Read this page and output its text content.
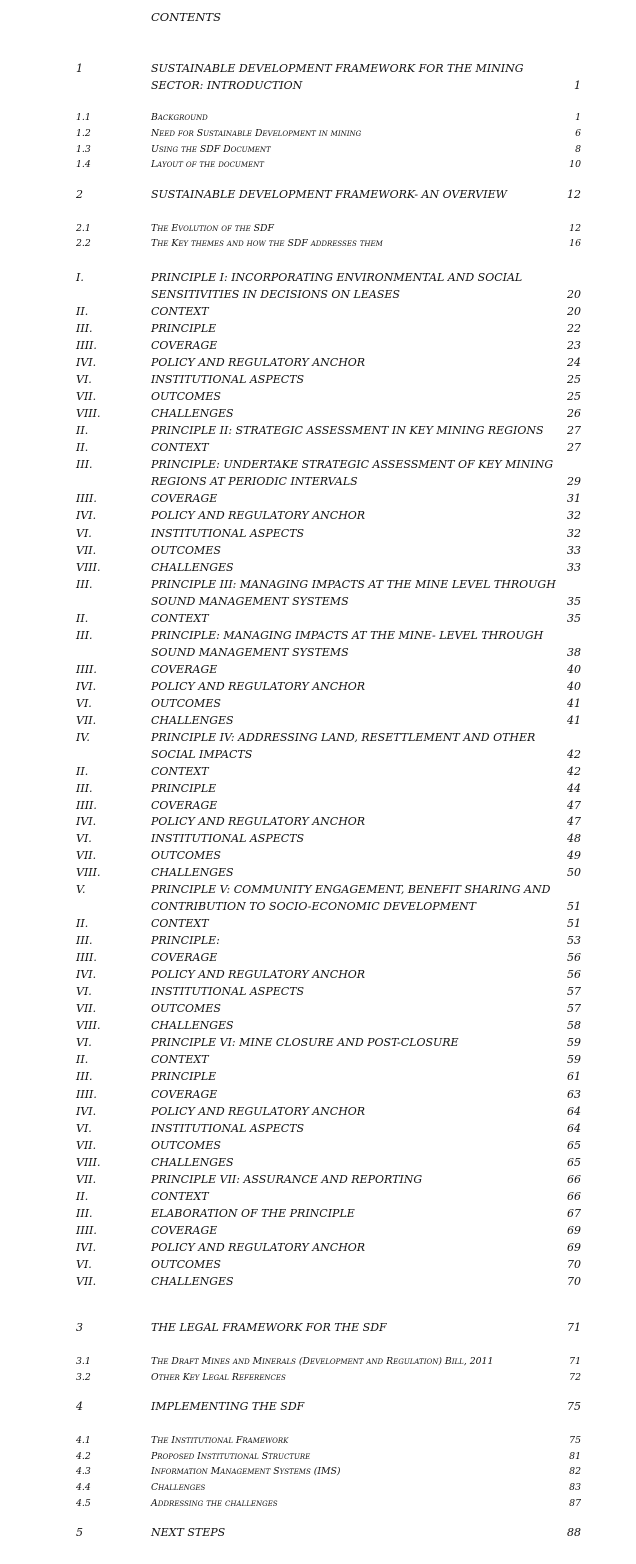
CONTENTS
1	SUSTAINABLE DEVELOPMENT FRAMEWORK FOR THE MINING
SECTOR: INTRODUCTION	1
1.1	Background	1
1.2	Need for Sustainable Development in mining	6
1.3	Using the SDF Document	8
1.4	Layout of the document	10
2	SUSTAINABLE DEVELOPMENT FRAMEWORK- AN OVERVIEW	12
2.1	The Evolution of the SDF	12
2.2	The Key themes and how the SDF addresses them	16
I.	PRINCIPLE I: INCORPORATING ENVIRONMENTAL AND SOCIAL
SENSITIVITIES IN DECISIONS ON LEASES	20
II.	CONTEXT	20
III.	PRINCIPLE	22
IIII.	COVERAGE	23
IVI.	POLICY AND REGULATORY ANCHOR	24
VI.	INSTITUTIONAL ASPECTS	25
VII.	OUTCOMES	25
VIII.	CHALLENGES	26
II.	PRINCIPLE II: STRATEGIC ASSESSMENT IN KEY MINING REGIONS	27
II.	CONTEXT	27
III.	PRINCIPLE: UNDERTAKE STRATEGIC ASSESSMENT OF KEY MINING
REGIONS AT PERIODIC INTERVALS	29
IIII.	COVERAGE	31
IVI.	POLICY AND REGULATORY ANCHOR	32
VI.	INSTITUTIONAL ASPECTS	32
VII.	OUTCOMES	33
VIII.	CHALLENGES	33
III.	PRINCIPLE III: MANAGING IMPACTS AT THE MINE LEVEL THROUGH
SOUND MANAGEMENT SYSTEMS	35
II.	CONTEXT	35
III.	PRINCIPLE: MANAGING IMPACTS AT THE MINE- LEVEL THROUGH
SOUND MANAGEMENT SYSTEMS	38
IIII.	COVERAGE	40
IVI.	POLICY AND REGULATORY ANCHOR	40
VI.	OUTCOMES	41
VII.	CHALLENGES	41
IV.	PRINCIPLE IV: ADDRESSING LAND, RESETTLEMENT AND OTHER
SOCIAL IMPACTS	42
II.	CONTEXT	42
III.	PRINCIPLE	44
IIII.	COVERAGE	47
IVI.	POLICY AND REGULATORY ANCHOR	47
VI.	INSTITUTIONAL ASPECTS	48
VII.	OUTCOMES	49
VIII.	CHALLENGES	50
V.	PRINCIPLE V: COMMUNITY ENGAGEMENT, BENEFIT SHARING AND
CONTRIBUTION TO SOCIO-ECONOMIC DEVELOPMENT	51
II.	CONTEXT	51
III.	PRINCIPLE:	53
IIII.	COVERAGE	56
IVI.	POLICY AND REGULATORY ANCHOR	56
VI.	INSTITUTIONAL ASPECTS	57
VII.	OUTCOMES	57
VIII.	CHALLENGES	58
VI.	PRINCIPLE VI: MINE CLOSURE AND POST-CLOSURE	59
II.	CONTEXT	59
III.	PRINCIPLE	61
IIII.	COVERAGE	63
IVI.	POLICY AND REGULATORY ANCHOR	64
VI.	INSTITUTIONAL ASPECTS	64
VII.	OUTCOMES	65
VIII.	CHALLENGES	65
VII.	PRINCIPLE VII: ASSURANCE AND REPORTING	66
II.	CONTEXT	66
III.	ELABORATION OF THE PRINCIPLE	67
IIII.	COVERAGE	69
IVI.	POLICY AND REGULATORY ANCHOR	69
VI.	OUTCOMES	70
VII.	CHALLENGES	70
3	THE LEGAL FRAMEWORK FOR THE SDF	71
3.1	The Draft Mines and Minerals (Development and Regulation) Bill, 2011	71
3.2	Other Key Legal References	72
4	IMPLEMENTING THE SDF	75
4.1	The Institutional Framework	75
4.2	Proposed Institutional Structure	81
4.3	Information Management Systems (IMS)	82
4.4	Challenges	83
4.5	Addressing the challenges	87
5	NEXT STEPS	88
